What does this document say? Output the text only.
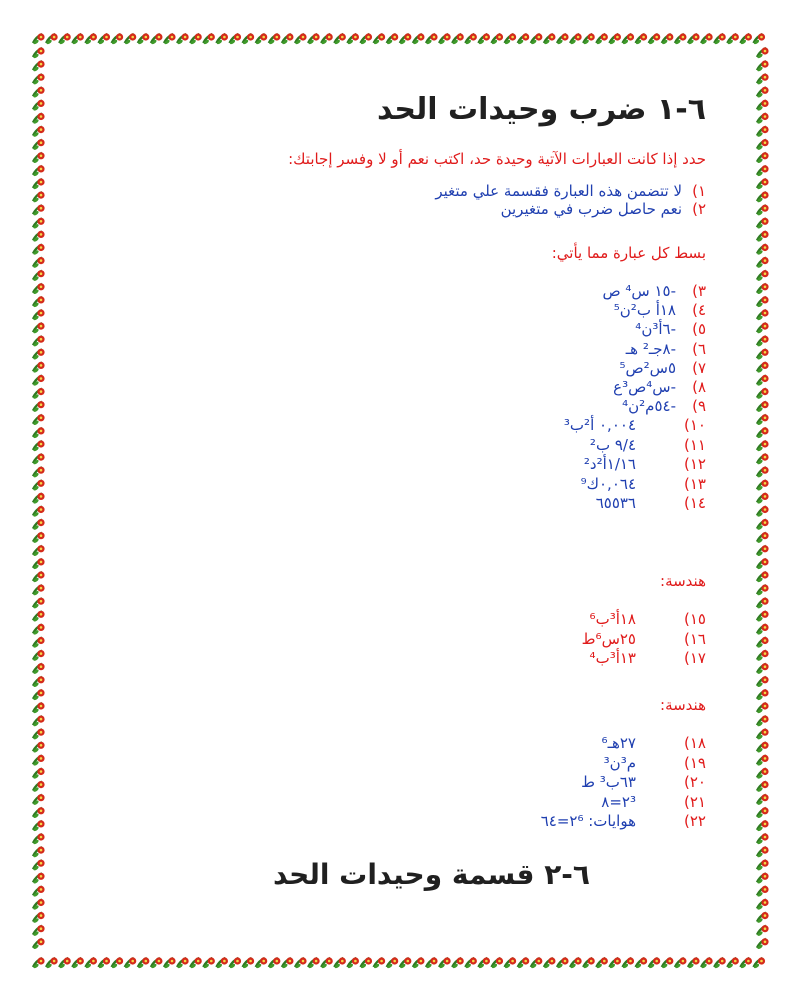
٦-١ ضرب وحيدات الحد
حدد إذا كانت العبارات الآتية وحيدة حد، اكتب نعم أو لا وفسر إجابتك:
١)
لا تتضمن هذه العبارة فقسمة علي متغير
٢)
نعم حاصل ضرب في متغيرين
بسط كل عبارة مما يأتي:
٣)
-١٥ س⁴ ص
٤)
١٨أ ب²ن⁵
٥)
-٦أ³ن⁴
٦)
-٨جـ² هـ
٧)
٥س²ص⁵
٨)
-س⁴ص³ع
٩)
-٥٤م²ن⁴
١٠)
٠,٠٠٤ أ²ب³
١١)
٩/٤ ب²
١٢)
١/١٦أ²د²
١٣)
٠,٠٦٤ك⁹
١٤)
٦٥٥٣٦
هندسة:
١٥)
١٨أ³ب⁶
١٦)
٢٥س⁶ط
١٧)
١٣أ³ب⁴
هندسة:
١٨)
٢٧هـ⁶
١٩)
م³ن³
٢٠)
٦٣ب³ ط
٢١)
٢³=٨
٢٢)
هوايات: ٢⁶=٦٤
٦-٢ قسمة وحيدات الحد
